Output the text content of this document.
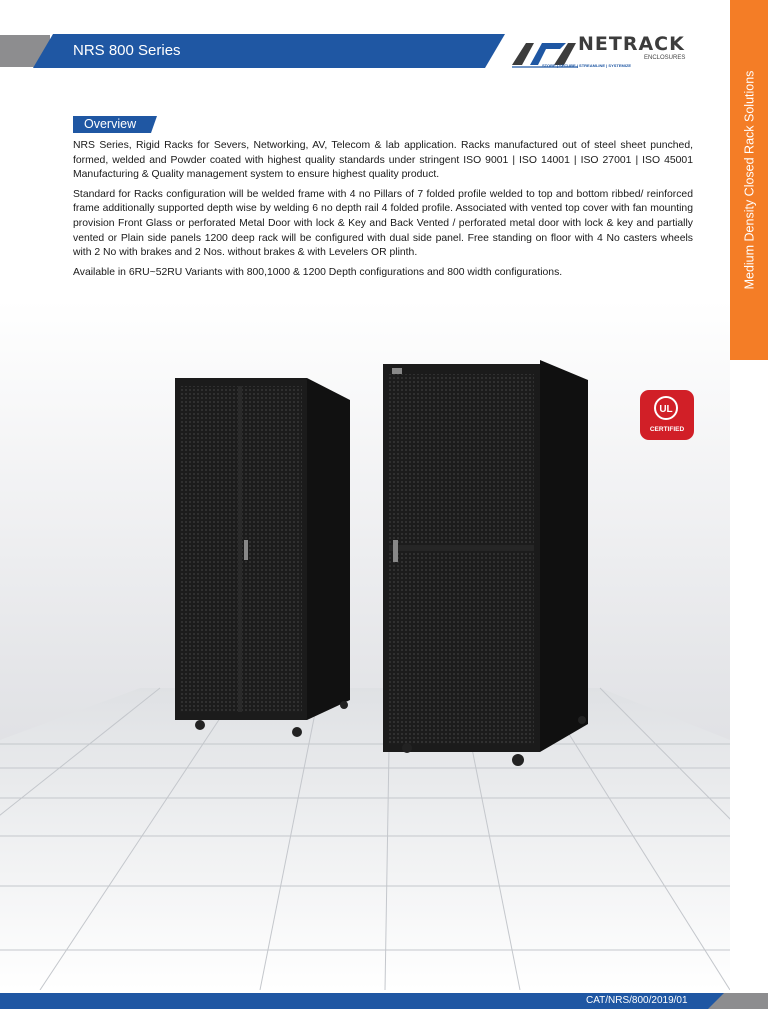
NRS 800 Series	NETRACK
ENCLOSURES
STORE | SECURE | STREAMLINE | SYSTEMIZE
Medium Density Closed Rack Solutions
Overview

NRS Series, Rigid Racks for Severs, Networking, AV, Telecom & lab application. Racks manufactured out of steel sheet punched, formed, welded and Powder coated with highest quality standards under stringent ISO 9001 | ISO 14001 | ISO 27001 | ISO 45001 Manufacturing & Quality management system to ensure highest quality product.

Standard for Racks configuration will be welded frame with 4 no Pillars of 7 folded profile welded to top and bottom ribbed/ reinforced frame additionally supported depth wise by welding 6 no depth rail 4 folded profile. Associated with vented top cover with fan mounting provision Front Glass or perforated Metal Door with lock & Key and Back Vented / perforated metal door with lock & key and partially vented or Plain side panels 1200 deep rack will be configured with dual side panel. Free standing on floor with 4 No casters wheels with 2 No with brakes and 2 Nos. without brakes & with Levelers OR plinth.

Available in 6RU~52RU Variants with 800,1000 & 1200 Depth configurations and 800 width configurations.

UL
CERTIFIED
CAT/NRS/800/2019/01
